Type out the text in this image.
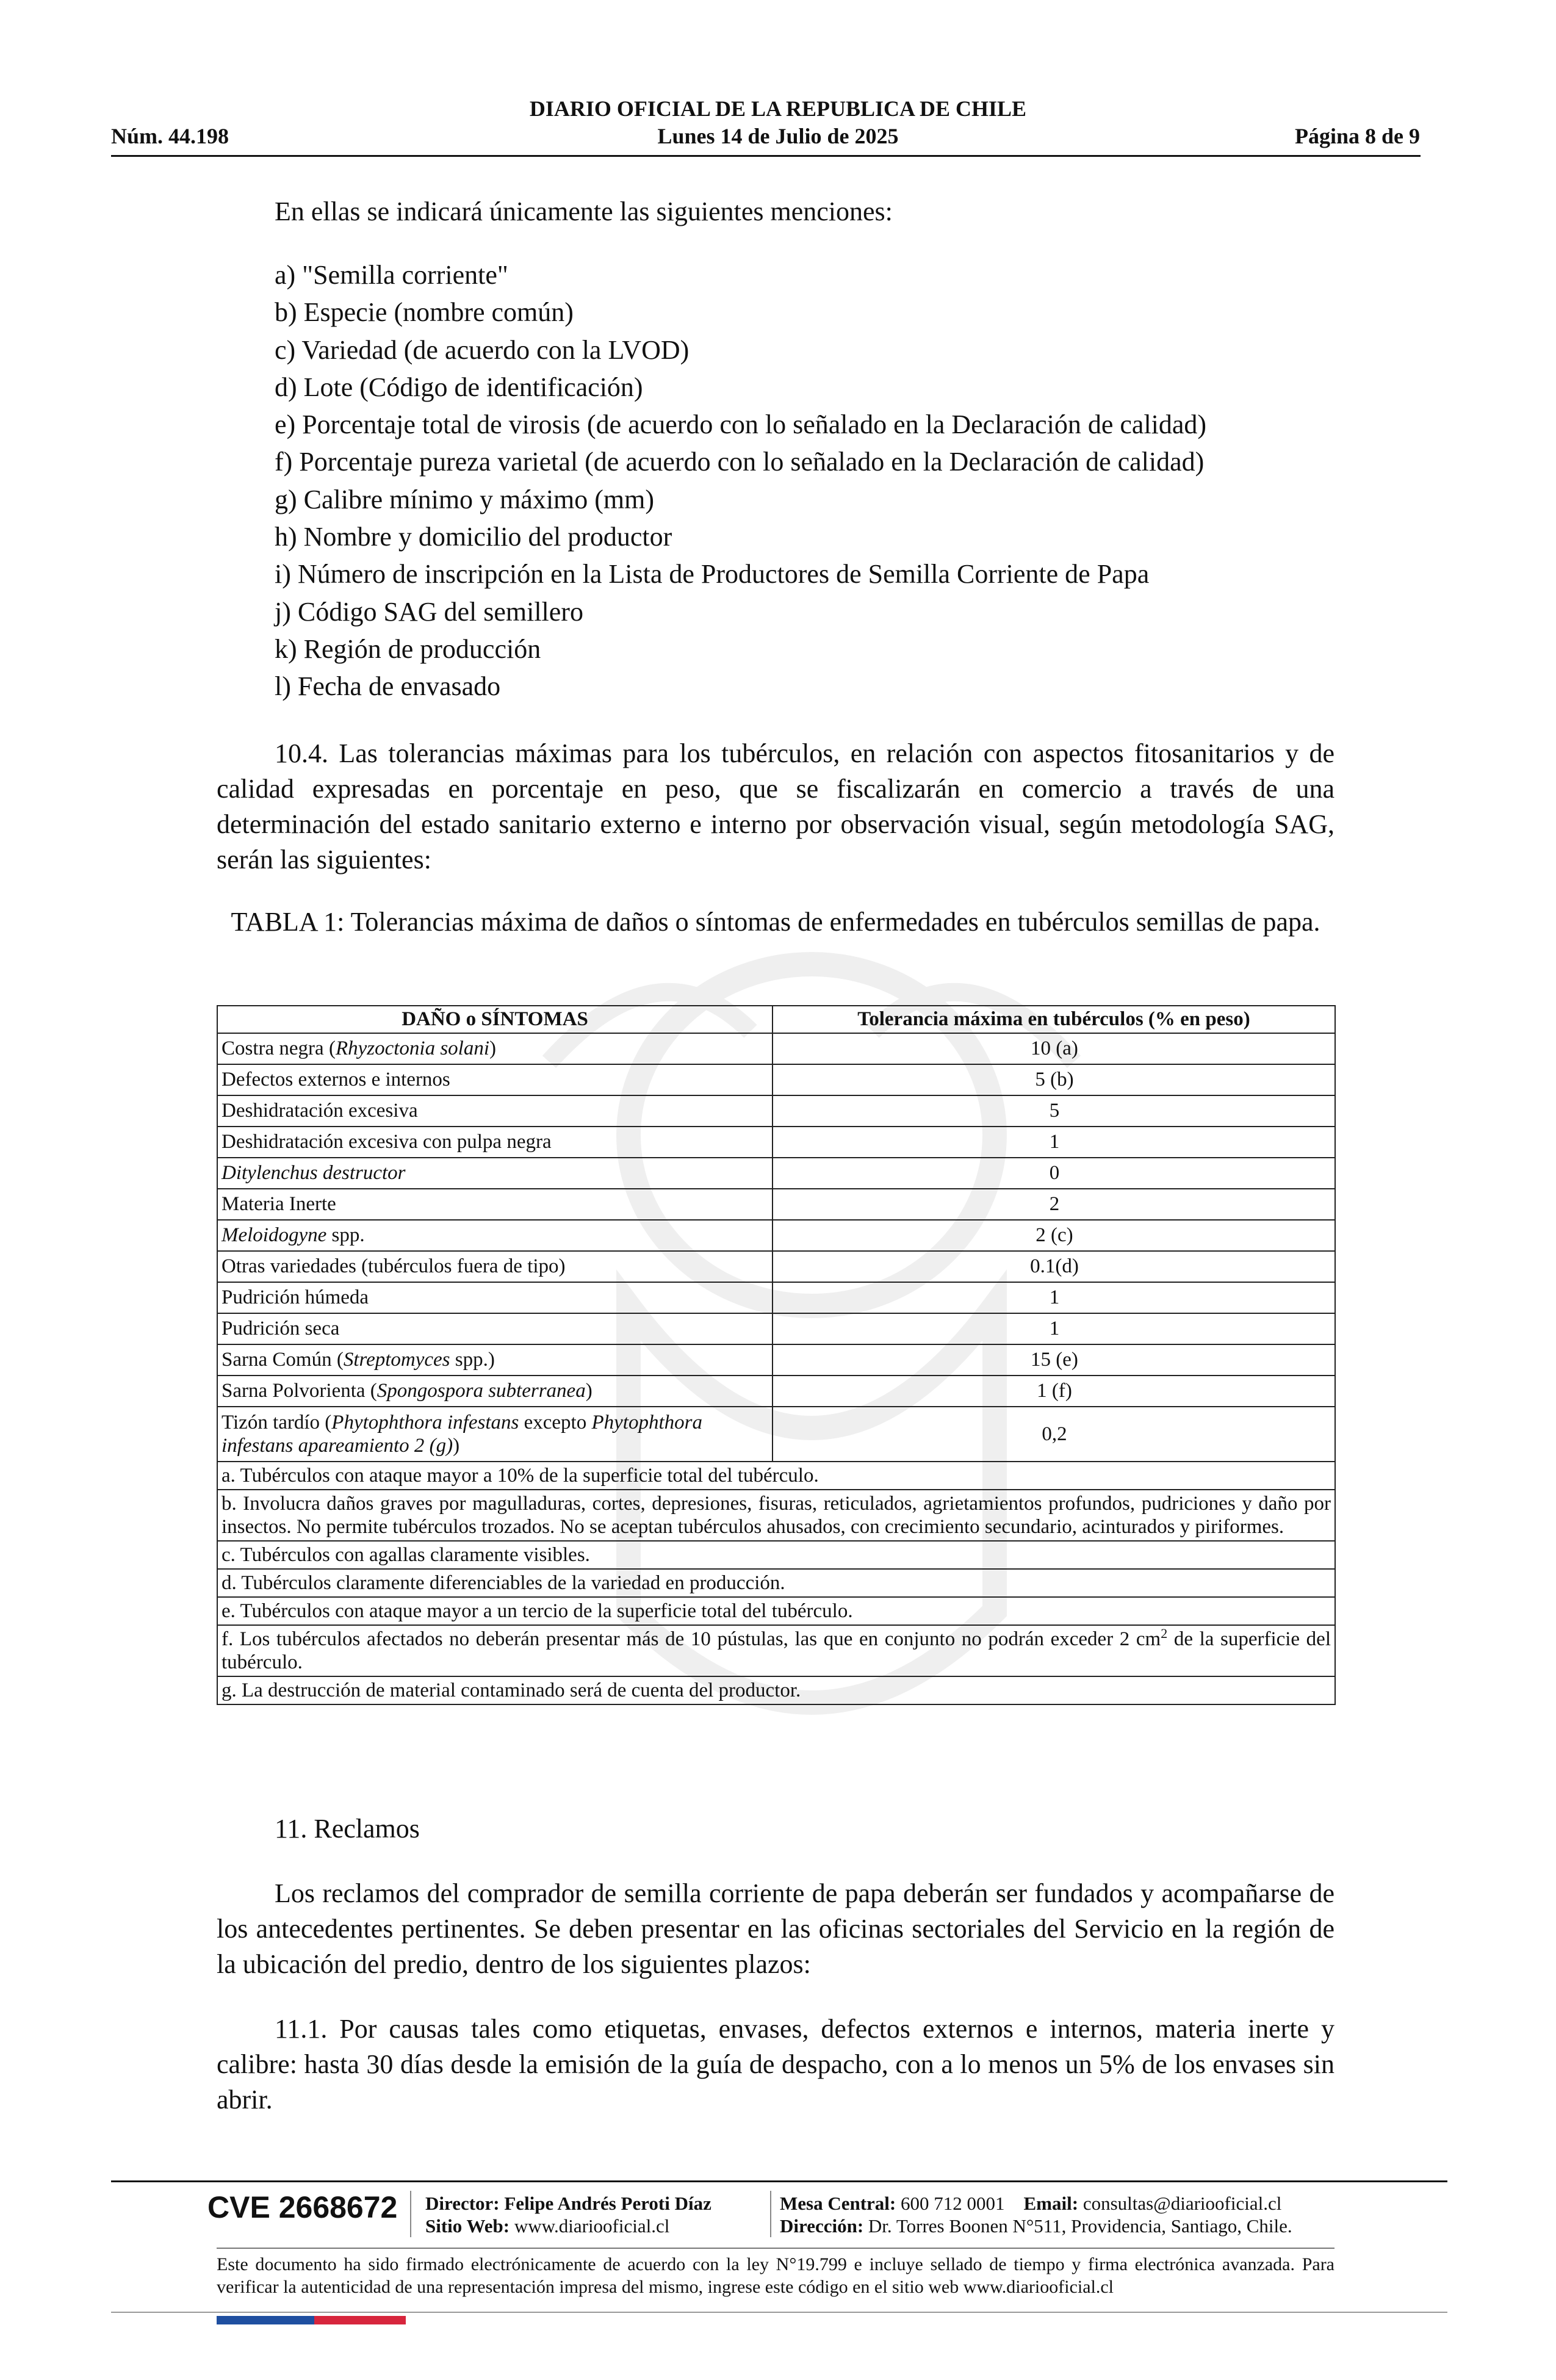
DIARIO OFICIAL DE LA REPUBLICA DE CHILE
Núm. 44.198	Lunes 14 de Julio de 2025	Página 8 de 9
En ellas se indicará únicamente las siguientes menciones:
a) "Semilla corriente"
b) Especie (nombre común)
c) Variedad (de acuerdo con la LVOD)
d) Lote (Código de identificación)
e) Porcentaje total de virosis (de acuerdo con lo señalado en la Declaración de calidad)
f) Porcentaje pureza varietal (de acuerdo con lo señalado en la Declaración de calidad)
g) Calibre mínimo y máximo (mm)
h) Nombre y domicilio del productor
i) Número de inscripción en la Lista de Productores de Semilla Corriente de Papa
j) Código SAG del semillero
k) Región de producción
l) Fecha de envasado

10.4. Las tolerancias máximas para los tubérculos, en relación con aspectos fitosanitarios y de calidad expresadas en porcentaje en peso, que se fiscalizarán en comercio a través de una determinación del estado sanitario externo e interno por observación visual, según metodología SAG, serán las siguientes:

TABLA 1: Tolerancias máxima de daños o síntomas de enfermedades en tubérculos semillas de papa.
DAÑO o SÍNTOMAS	Tolerancia máxima en tubérculos (% en peso)
Costra negra (Rhyzoctonia solani)	10 (a)
Defectos externos e internos	5 (b)
Deshidratación excesiva	5
Deshidratación excesiva con pulpa negra	1
Ditylenchus destructor	0
Materia Inerte	2
Meloidogyne spp.	2 (c)
Otras variedades (tubérculos fuera de tipo)	0.1(d)
Pudrición húmeda	1
Pudrición seca	1
Sarna Común (Streptomyces spp.)	15 (e)
Sarna Polvorienta (Spongospora subterranea)	1 (f)
Tizón tardío (Phytophthora infestans excepto Phytophthora infestans apareamiento 2 (g))	0,2
a. Tubérculos con ataque mayor a 10% de la superficie total del tubérculo.	
b. Involucra daños graves por magulladuras, cortes, depresiones, fisuras, reticulados, agrietamientos profundos, pudriciones y daño por insectos. No permite tubérculos trozados. No se aceptan tubérculos ahusados, con crecimiento secundario, acinturados y piriformes.	
c. Tubérculos con agallas claramente visibles.	
d. Tubérculos claramente diferenciables de la variedad en producción.	
e. Tubérculos con ataque mayor a un tercio de la superficie total del tubérculo.	
f. Los tubérculos afectados no deberán presentar más de 10 pústulas, las que en conjunto no podrán exceder 2 $cm^2$ de la superficie del tubérculo.	
g. La destrucción de material contaminado será de cuenta del productor.	
11. Reclamos

Los reclamos del comprador de semilla corriente de papa deberán ser fundados y acompañarse de los antecedentes pertinentes. Se deben presentar en las oficinas sectoriales del Servicio en la región de la ubicación del predio, dentro de los siguientes plazos:

11.1. Por causas tales como etiquetas, envases, defectos externos e internos, materia inerte y calibre: hasta 30 días desde la emisión de la guía de despacho, con a lo menos un 5% de los envases sin abrir.

CVE 2668672 Director: Felipe Andrés Peroti Díaz
Sitio Web: www.diariooficial.cl
Mesa Central: 600 712 0001 Email: consultas@diariooficial.cl
Dirección: Dr. Torres Boonen N°511, Providencia, Santiago, Chile.
Este documento ha sido firmado electrónicamente de acuerdo con la ley N°19.799 e incluye sellado de tiempo y firma electrónica avanzada. Para verificar la autenticidad de una representación impresa del mismo, ingrese este código en el sitio web www.diariooficial.cl
